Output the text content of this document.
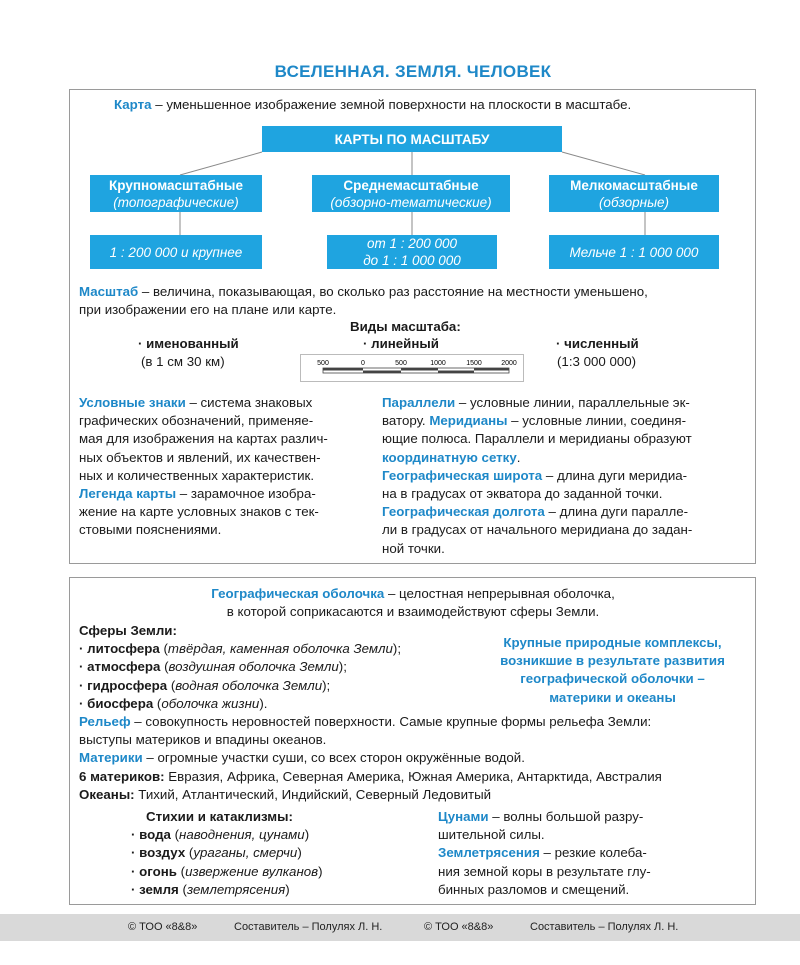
ВСЕЛЕННАЯ. ЗЕМЛЯ. ЧЕЛОВЕК
Карта – уменьшенное изображение земной поверхности на плоскости в масштабе.
КАРТЫ ПО МАСШТАБУ
Крупномасштабные
(топографические)
Среднемасштабные
(обзорно-тематические)
Мелкомасштабные
(обзорные)
1 : 200 000 и крупнее
от 1 : 200 000
до 1 : 1 000 000
Мельче 1 : 1 000 000
Масштаб – величина, показывающая, во сколько раз расстояние на местности уменьшено,
при изображении его на плане или карте.
Виды масштаба:
· именованный
(в 1 см 30 км)
· линейный	· численный
(1:3 000 000)
500	0	500	1000	1500	2000

Условные знаки – система знаковых

графических обозначений, применяе-

мая для изображения на картах различ-

ных объектов и явлений, их качествен-

ных и количественных характеристик.

Легенда карты – зарамочное изобра-

жение на карте условных знаков с тек-

стовыми пояснениями.

Параллели – условные линии, параллельные эк-

ватору. Меридианы – условные линии, соединя-

ющие полюса. Параллели и меридианы образуют

координатную сетку.

Географическая широта – длина дуги меридиа-

на в градусах от экватора до заданной точки.

Географическая долгота – длина дуги паралле-

ли в градусах от начального меридиана до задан-

ной точки.

Географическая оболочка – целостная непрерывная оболочка,
в которой соприкасаются и взаимодействуют сферы Земли.

Сферы Земли:

· литосфера (твёрдая, каменная оболочка Земли);

· атмосфера (воздушная оболочка Земли);

· гидросфера (водная оболочка Земли);

· биосфера (оболочка жизни).

Крупные природные комплексы,

возникшие в результате развития

географической оболочки –

материки и океаны

Рельеф – совокупность неровностей поверхности. Самые крупные формы рельефа Земли:

выступы материков и впадины океанов.

Материки – огромные участки суши, со всех сторон окружённые водой.

6 материков: Евразия, Африка, Северная Америка, Южная Америка, Антарктида, Австралия

Океаны: Тихий, Атлантический, Индийский, Северный Ледовитый

Стихии и катаклизмы:

· вода (наводнения, цунами)

· воздух (ураганы, смерчи)

· огонь (извержение вулканов)

· земля (землетрясения)

Цунами – волны большой разру-

шительной силы.

Землетрясения – резкие колеба-

ния земной коры в результате глу-

бинных разломов и смещений.

© ТОО «8&8»	Составитель – Полулях Л. Н.	© ТОО «8&8»	Составитель – Полулях Л. Н.
